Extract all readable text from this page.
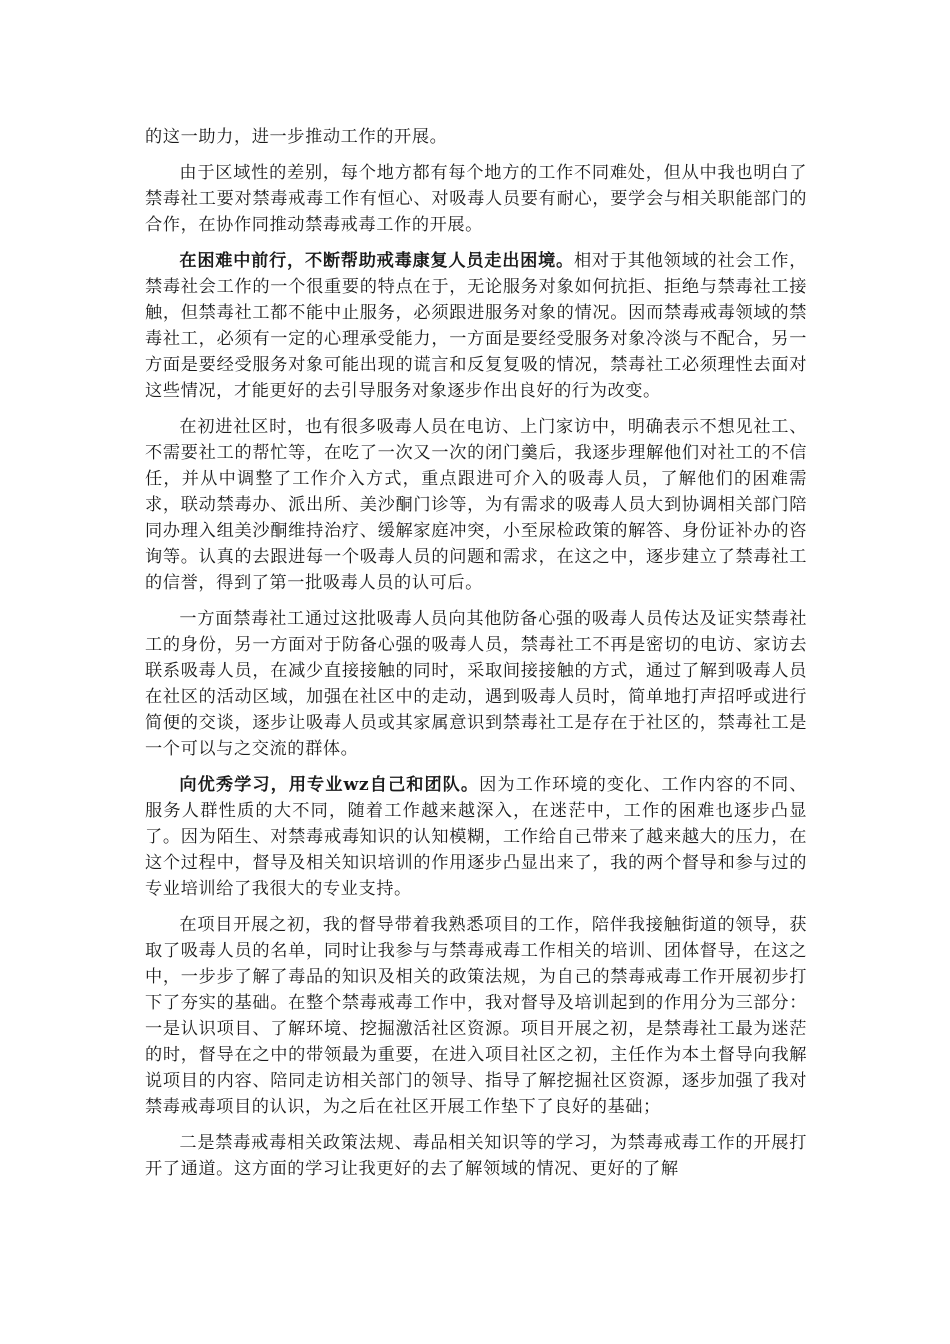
的这一助力，进一步推动工作的开展。

由于区域性的差别，每个地方都有每个地方的工作不同难处，但从中我也明白了禁毒社工要对禁毒戒毒工作有恒心、对吸毒人员要有耐心，要学会与相关职能部门的合作，在协作同推动禁毒戒毒工作的开展。

在困难中前行，不断帮助戒毒康复人员走出困境。相对于其他领域的社会工作，禁毒社会工作的一个很重要的特点在于，无论服务对象如何抗拒、拒绝与禁毒社工接触，但禁毒社工都不能中止服务，必须跟进服务对象的情况。因而禁毒戒毒领域的禁毒社工，必须有一定的心理承受能力，一方面是要经受服务对象冷淡与不配合，另一方面是要经受服务对象可能出现的谎言和反复复吸的情况，禁毒社工必须理性去面对这些情况，才能更好的去引导服务对象逐步作出良好的行为改变。

在初进社区时，也有很多吸毒人员在电访、上门家访中，明确表示不想见社工、不需要社工的帮忙等，在吃了一次又一次的闭门羹后，我逐步理解他们对社工的不信任，并从中调整了工作介入方式，重点跟进可介入的吸毒人员，了解他们的困难需求，联动禁毒办、派出所、美沙酮门诊等，为有需求的吸毒人员大到协调相关部门陪同办理入组美沙酮维持治疗、缓解家庭冲突，小至尿检政策的解答、身份证补办的咨询等。认真的去跟进每一个吸毒人员的问题和需求，在这之中，逐步建立了禁毒社工的信誉，得到了第一批吸毒人员的认可后。

一方面禁毒社工通过这批吸毒人员向其他防备心强的吸毒人员传达及证实禁毒社工的身份，另一方面对于防备心强的吸毒人员，禁毒社工不再是密切的电访、家访去联系吸毒人员，在减少直接接触的同时，采取间接接触的方式，通过了解到吸毒人员在社区的活动区域，加强在社区中的走动，遇到吸毒人员时，简单地打声招呼或进行简便的交谈，逐步让吸毒人员或其家属意识到禁毒社工是存在于社区的，禁毒社工是一个可以与之交流的群体。

向优秀学习，用专业wz自己和团队。因为工作环境的变化、工作内容的不同、服务人群性质的大不同，随着工作越来越深入，在迷茫中，工作的困难也逐步凸显了。因为陌生、对禁毒戒毒知识的认知模糊，工作给自己带来了越来越大的压力，在这个过程中，督导及相关知识培训的作用逐步凸显出来了，我的两个督导和参与过的专业培训给了我很大的专业支持。

在项目开展之初，我的督导带着我熟悉项目的工作，陪伴我接触街道的领导，获取了吸毒人员的名单，同时让我参与与禁毒戒毒工作相关的培训、团体督导，在这之中，一步步了解了毒品的知识及相关的政策法规，为自己的禁毒戒毒工作开展初步打下了夯实的基础。在整个禁毒戒毒工作中，我对督导及培训起到的作用分为三部分：一是认识项目、了解环境、挖掘激活社区资源。项目开展之初，是禁毒社工最为迷茫的时，督导在之中的带领最为重要，在进入项目社区之初，主任作为本土督导向我解说项目的内容、陪同走访相关部门的领导、指导了解挖掘社区资源，逐步加强了我对禁毒戒毒项目的认识，为之后在社区开展工作垫下了良好的基础；

二是禁毒戒毒相关政策法规、毒品相关知识等的学习，为禁毒戒毒工作的开展打开了通道。这方面的学习让我更好的去了解领域的情况、更好的了解
